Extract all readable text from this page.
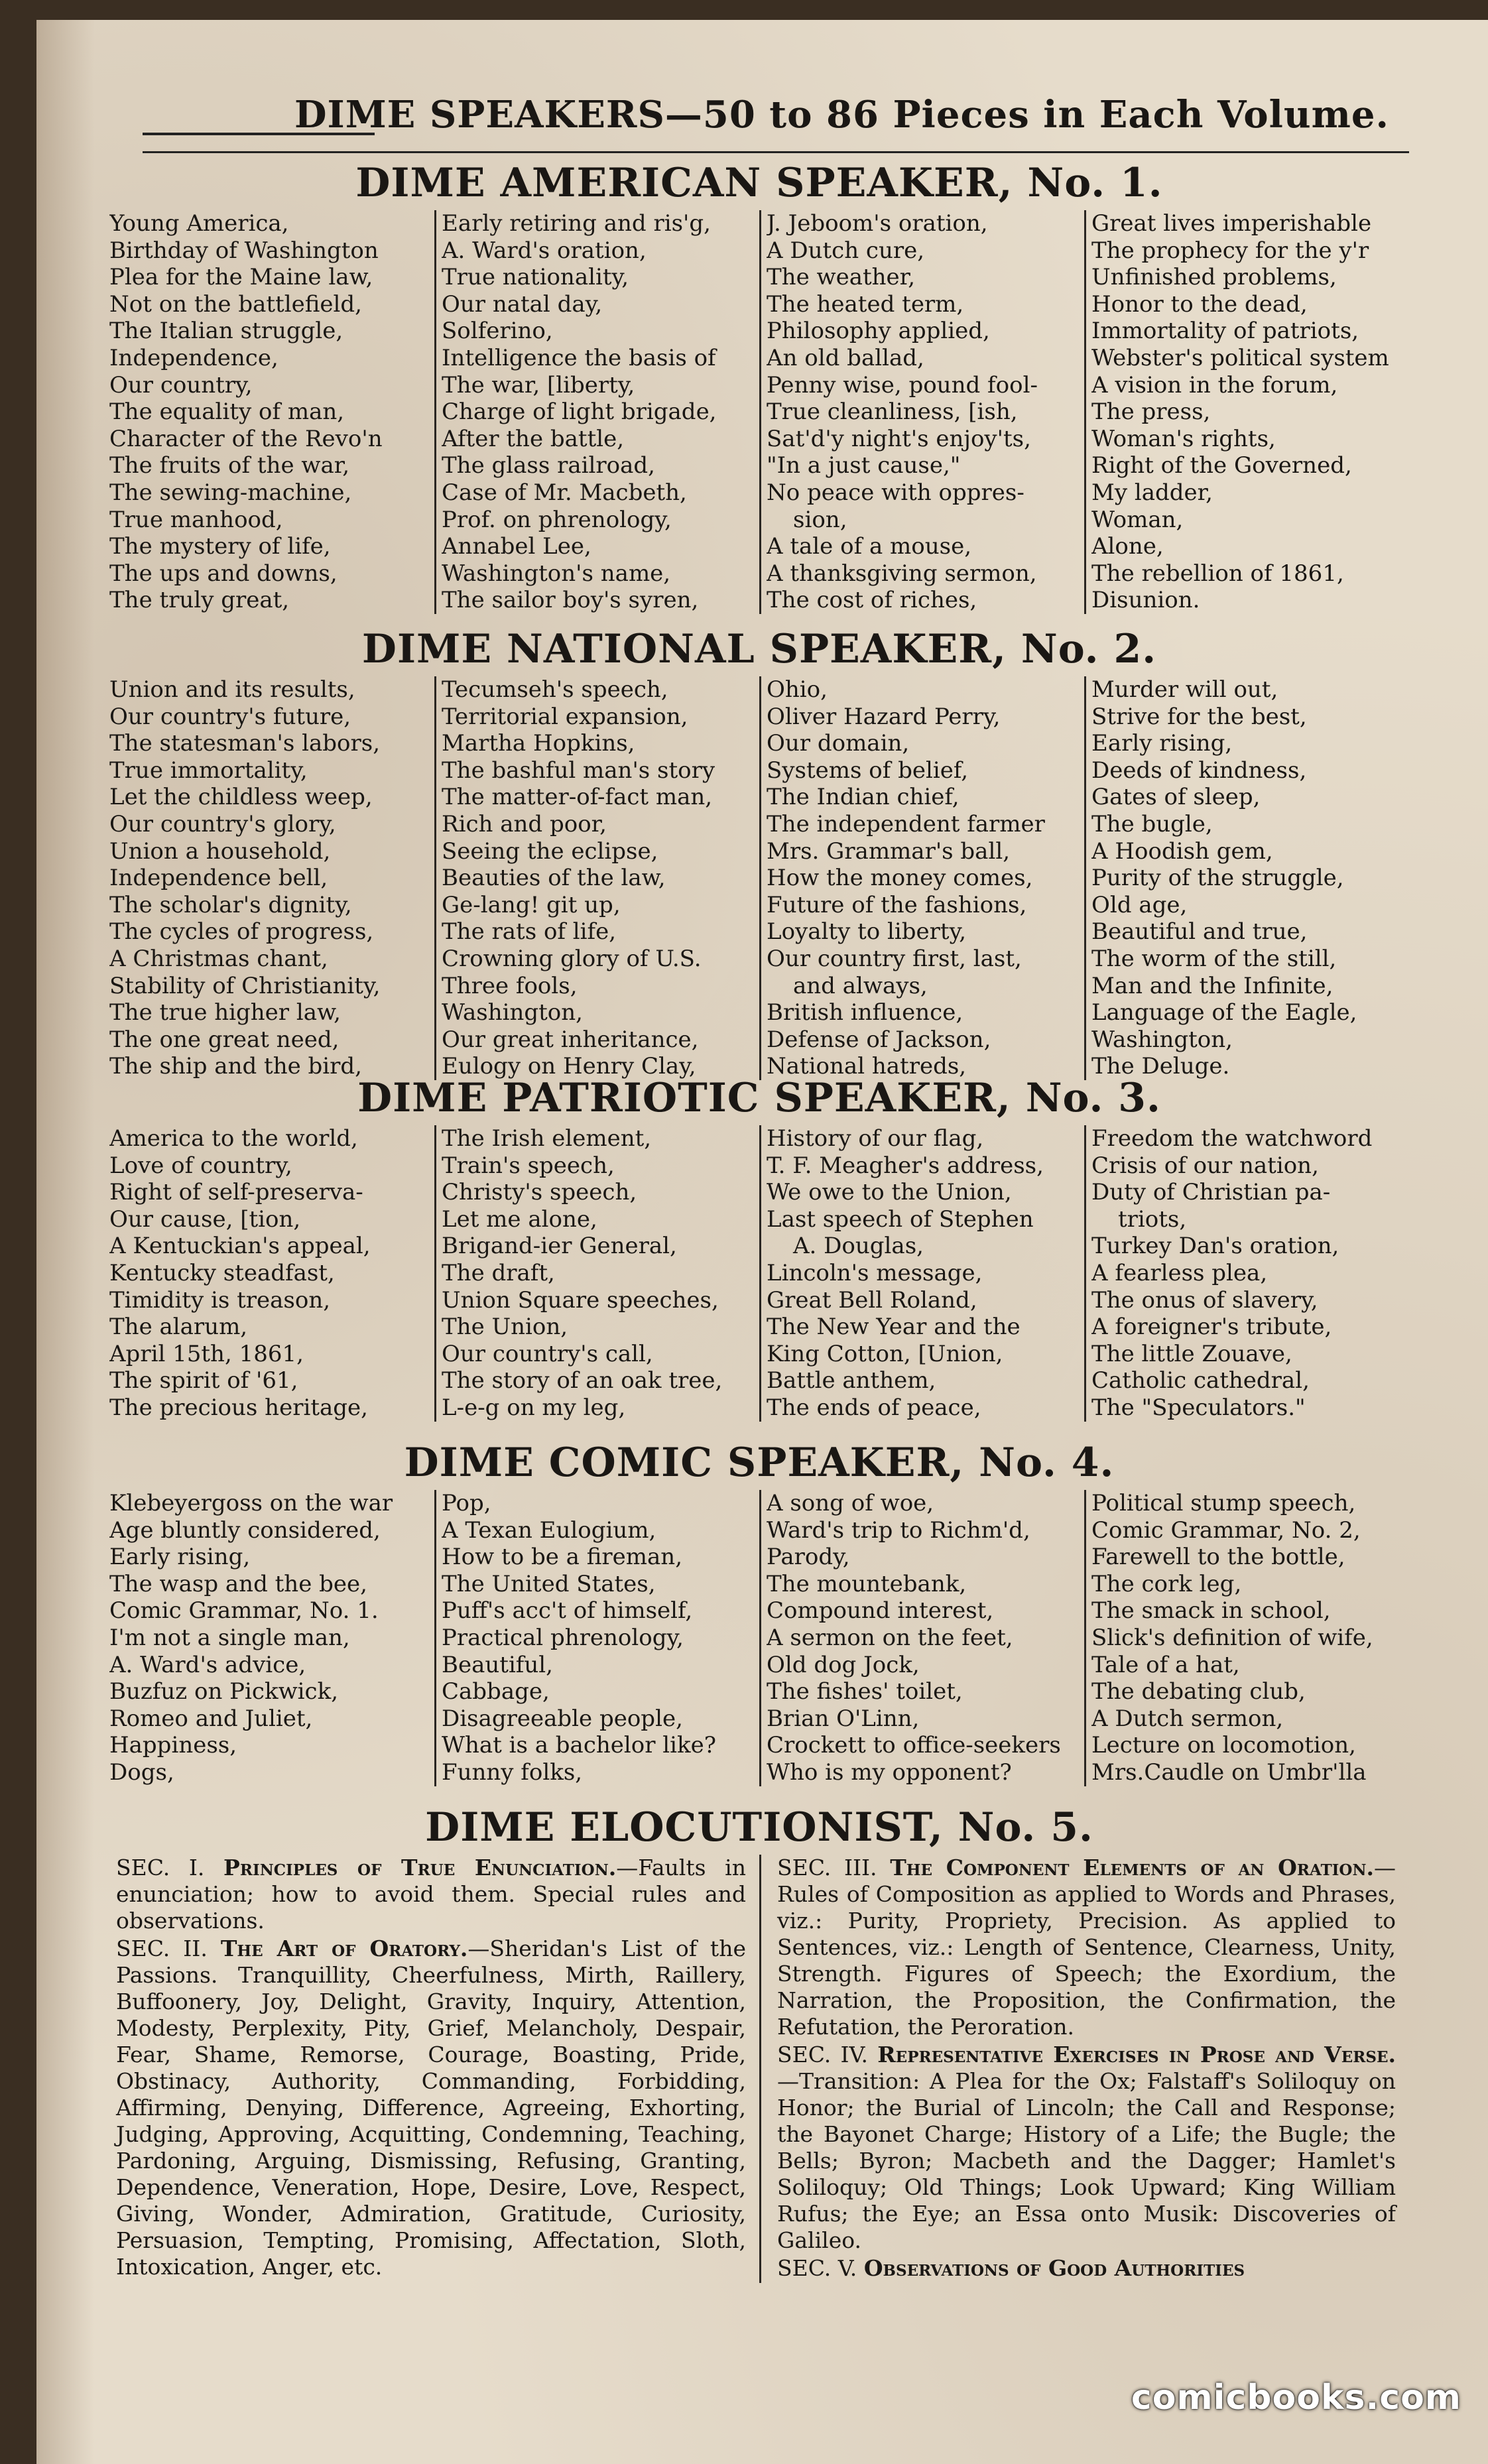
DIME SPEAKERS—50 to 86 Pieces in Each Volume.
DIME AMERICAN SPEAKER, No. 1.
Young America,
Birthday of Washington
Plea for the Maine law,
Not on the battlefield,
The Italian struggle,
Independence,
Our country,
The equality of man,
Character of the Revo'n
The fruits of the war,
The sewing-machine,
True manhood,
The mystery of life,
The ups and downs,
The truly great,
Early retiring and ris'g,
A. Ward's oration,
True nationality,
Our natal day,
Solferino,
Intelligence the basis of
The war, [liberty,
Charge of light brigade,
After the battle,
The glass railroad,
Case of Mr. Macbeth,
Prof. on phrenology,
Annabel Lee,
Washington's name,
The sailor boy's syren,
J. Jeboom's oration,
A Dutch cure,
The weather,
The heated term,
Philosophy applied,
An old ballad,
Penny wise, pound fool-
True cleanliness, [ish,
Sat'd'y night's enjoy'ts,
"In a just cause,"
No peace with oppres-
sion,
A tale of a mouse,
A thanksgiving sermon,
The cost of riches,
Great lives imperishable
The prophecy for the y'r
Unfinished problems,
Honor to the dead,
Immortality of patriots,
Webster's political system
A vision in the forum,
The press,
Woman's rights,
Right of the Governed,
My ladder,
Woman,
Alone,
The rebellion of 1861,
Disunion.
DIME NATIONAL SPEAKER, No. 2.
Union and its results,
Our country's future,
The statesman's labors,
True immortality,
Let the childless weep,
Our country's glory,
Union a household,
Independence bell,
The scholar's dignity,
The cycles of progress,
A Christmas chant,
Stability of Christianity,
The true higher law,
The one great need,
The ship and the bird,
Tecumseh's speech,
Territorial expansion,
Martha Hopkins,
The bashful man's story
The matter-of-fact man,
Rich and poor,
Seeing the eclipse,
Beauties of the law,
Ge-lang! git up,
The rats of life,
Crowning glory of U.S.
Three fools,
Washington,
Our great inheritance,
Eulogy on Henry Clay,
Ohio,
Oliver Hazard Perry,
Our domain,
Systems of belief,
The Indian chief,
The independent farmer
Mrs. Grammar's ball,
How the money comes,
Future of the fashions,
Loyalty to liberty,
Our country first, last,
and always,
British influence,
Defense of Jackson,
National hatreds,
Murder will out,
Strive for the best,
Early rising,
Deeds of kindness,
Gates of sleep,
The bugle,
A Hoodish gem,
Purity of the struggle,
Old age,
Beautiful and true,
The worm of the still,
Man and the Infinite,
Language of the Eagle,
Washington,
The Deluge.
DIME PATRIOTIC SPEAKER, No. 3.
America to the world,
Love of country,
Right of self-preserva-
Our cause, [tion,
A Kentuckian's appeal,
Kentucky steadfast,
Timidity is treason,
The alarum,
April 15th, 1861,
The spirit of '61,
The precious heritage,
The Irish element,
Train's speech,
Christy's speech,
Let me alone,
Brigand-ier General,
The draft,
Union Square speeches,
The Union,
Our country's call,
The story of an oak tree,
L-e-g on my leg,
History of our flag,
T. F. Meagher's address,
We owe to the Union,
Last speech of Stephen
A. Douglas,
Lincoln's message,
Great Bell Roland,
The New Year and the
King Cotton, [Union,
Battle anthem,
The ends of peace,
Freedom the watchword
Crisis of our nation,
Duty of Christian pa-
triots,
Turkey Dan's oration,
A fearless plea,
The onus of slavery,
A foreigner's tribute,
The little Zouave,
Catholic cathedral,
The "Speculators."
DIME COMIC SPEAKER, No. 4.
Klebeyergoss on the war
Age bluntly considered,
Early rising,
The wasp and the bee,
Comic Grammar, No. 1.
I'm not a single man,
A. Ward's advice,
Buzfuz on Pickwick,
Romeo and Juliet,
Happiness,
Dogs,
Pop,
A Texan Eulogium,
How to be a fireman,
The United States,
Puff's acc't of himself,
Practical phrenology,
Beautiful,
Cabbage,
Disagreeable people,
What is a bachelor like?
Funny folks,
A song of woe,
Ward's trip to Richm'd,
Parody,
The mountebank,
Compound interest,
A sermon on the feet,
Old dog Jock,
The fishes' toilet,
Brian O'Linn,
Crockett to office-seekers
Who is my opponent?
Political stump speech,
Comic Grammar, No. 2,
Farewell to the bottle,
The cork leg,
The smack in school,
Slick's definition of wife,
Tale of a hat,
The debating club,
A Dutch sermon,
Lecture on locomotion,
Mrs.Caudle on Umbr'lla
DIME ELOCUTIONIST, No. 5.

SEC. I. Principles of True Enunciation.—Faults in enunciation; how to avoid them. Special rules and observations.

SEC. II. The Art of Oratory.—Sheridan's List of the Passions. Tranquillity, Cheerfulness, Mirth, Raillery, Buffoonery, Joy, Delight, Gravity, Inquiry, Attention, Modesty, Perplexity, Pity, Grief, Melancholy, Despair, Fear, Shame, Remorse, Courage, Boasting, Pride, Obstinacy, Authority, Commanding, Forbidding, Affirming, Denying, Difference, Agreeing, Exhorting, Judging, Approving, Acquitting, Condemning, Teaching, Pardoning, Arguing, Dismissing, Refusing, Granting, Dependence, Veneration, Hope, Desire, Love, Respect, Giving, Wonder, Admiration, Gratitude, Curiosity, Persuasion, Tempting, Promising, Affectation, Sloth, Intoxication, Anger, etc.

SEC. III. The Component Elements of an Oration.—Rules of Composition as applied to Words and Phrases, viz.: Purity, Propriety, Precision. As applied to Sentences, viz.: Length of Sentence, Clearness, Unity, Strength. Figures of Speech; the Exordium, the Narration, the Proposition, the Confirmation, the Refutation, the Peroration.

SEC. IV. Representative Exercises in Prose and Verse.—Transition: A Plea for the Ox; Falstaff's Soliloquy on Honor; the Burial of Lincoln; the Call and Response; the Bayonet Charge; History of a Life; the Bugle; the Bells; Byron; Macbeth and the Dagger; Hamlet's Soliloquy; Old Things; Look Upward; King William Rufus; the Eye; an Essa onto Musik: Discoveries of Galileo.

SEC. V. Observations of Good Authorities

comicbooks.com
